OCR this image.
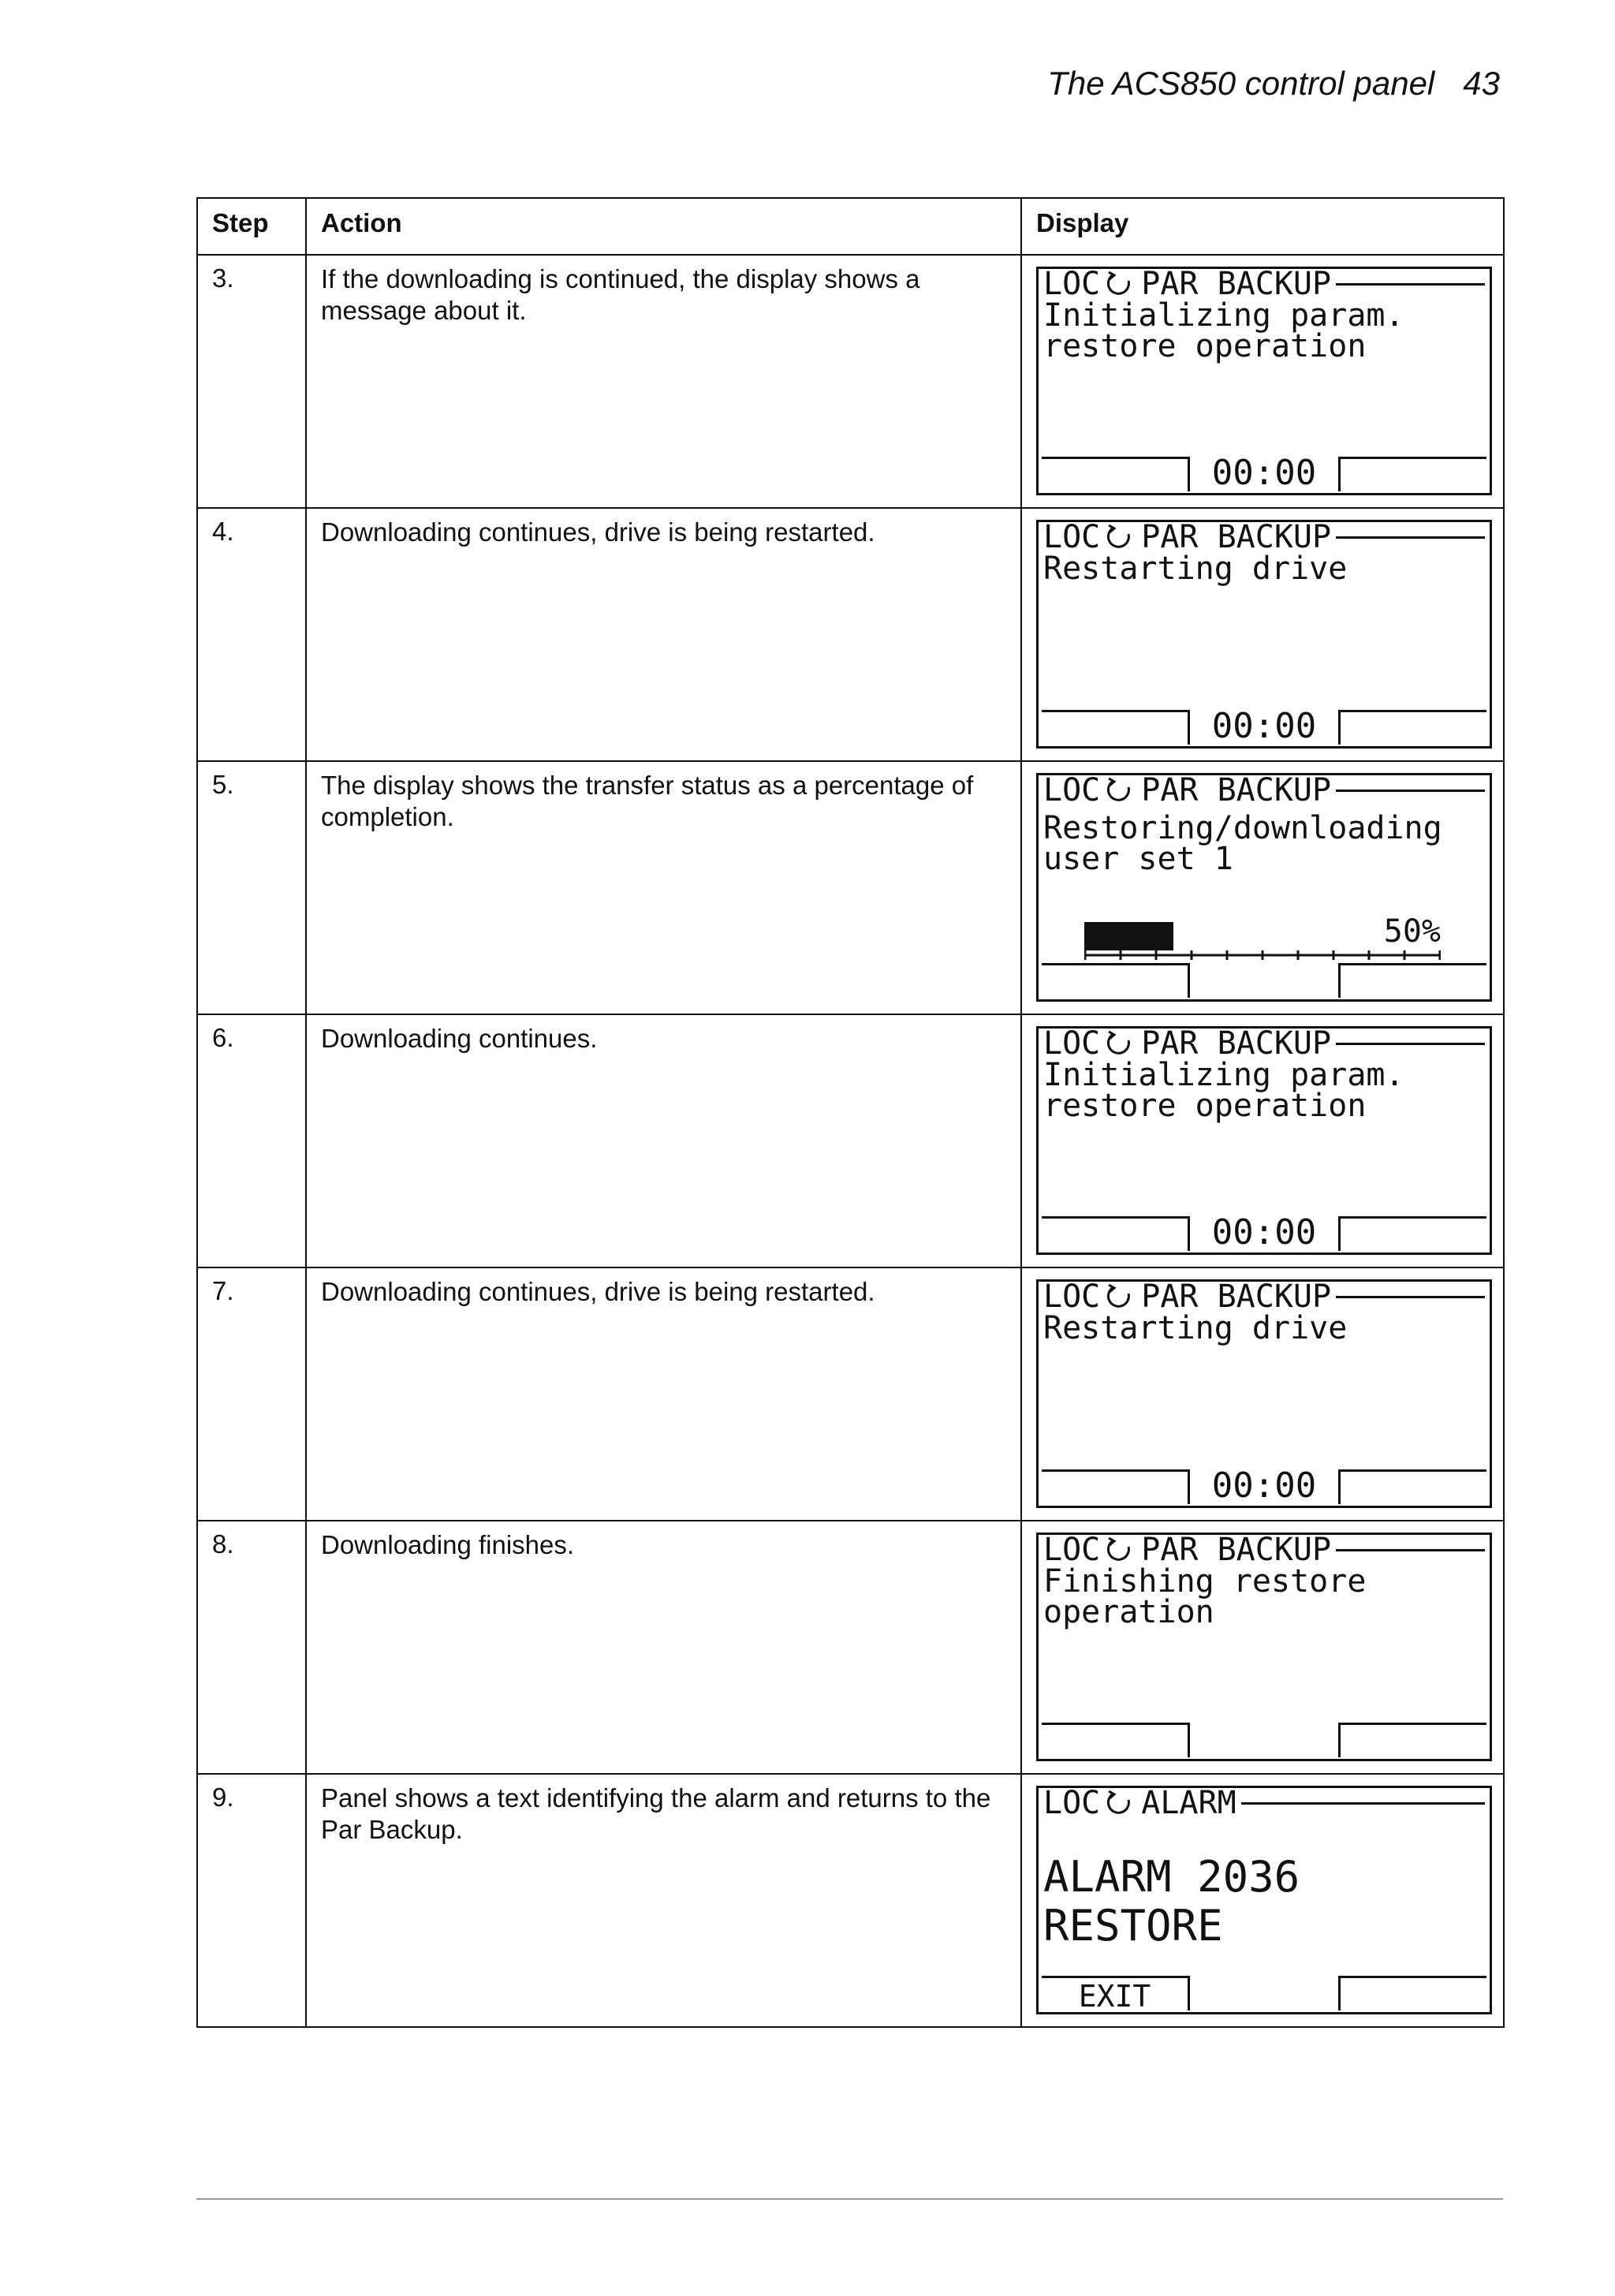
The ACS850 control panel 43
Step	Action	Display
3.	If the downloading is continued, the display shows a message about it.	LOC PAR BACKUP
Initializing param.
restore operation
00:00

4.	Downloading continues, drive is being restarted.	LOC PAR BACKUP
Restarting drive
00:00

5.	The display shows the transfer status as a percentage of completion.	LOC PAR BACKUP
Restoring/downloading
user set 1
50%

6.	Downloading continues.	LOC PAR BACKUP
Initializing param.
restore operation
00:00

7.	Downloading continues, drive is being restarted.	LOC PAR BACKUP
Restarting drive
00:00

8.	Downloading finishes.	LOC PAR BACKUP
Finishing restore
operation

9.	Panel shows a text identifying the alarm and returns to the Par Backup.	LOC ALARM
ALARM 2036
RESTORE
EXIT
